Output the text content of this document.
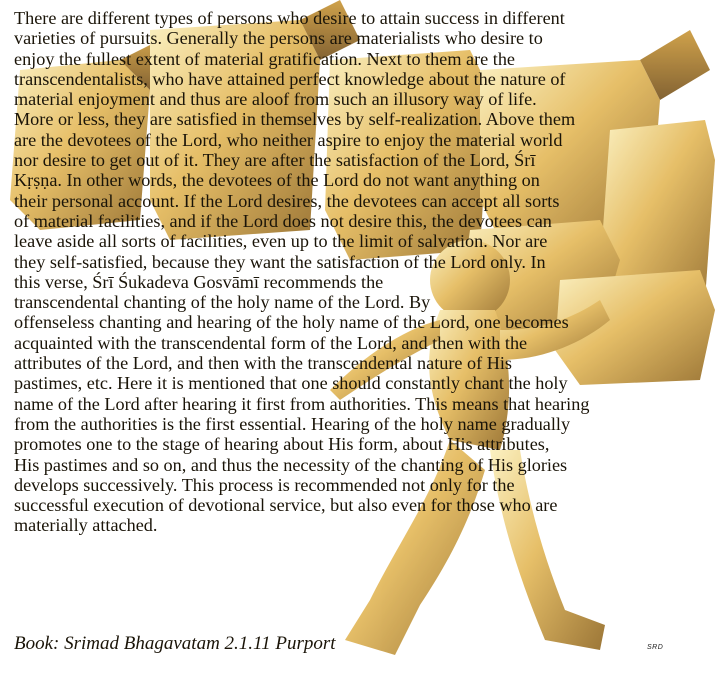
There are different types of persons who desire to attain success in different
varieties of pursuits. Generally the persons are materialists who desire to
enjoy the fullest extent of material gratification. Next to them are the
transcendentalists, who have attained perfect knowledge about the nature of
material enjoyment and thus are aloof from such an illusory way of life.
More or less, they are satisfied in themselves by self-realization. Above them
are the devotees of the Lord, who neither aspire to enjoy the material world
nor desire to get out of it. They are after the satisfaction of the Lord, Śrī
Kṛṣṇa. In other words, the devotees of the Lord do not want anything on
their personal account. If the Lord desires, the devotees can accept all sorts
of material facilities, and if the Lord does not desire this, the devotees can
leave aside all sorts of facilities, even up to the limit of salvation. Nor are
they self-satisfied, because they want the satisfaction of the Lord only. In
this verse, Śrī Śukadeva Gosvāmī recommends the
transcendental chanting of the holy name of the Lord. By
offenseless chanting and hearing of the holy name of the Lord, one becomes
acquainted with the transcendental form of the Lord, and then with the
attributes of the Lord, and then with the transcendental nature of His
pastimes, etc. Here it is mentioned that one should constantly chant the holy
name of the Lord after hearing it first from authorities. This means that hearing
from the authorities is the first essential. Hearing of the holy name gradually
promotes one to the stage of hearing about His form, about His attributes,
His pastimes and so on, and thus the necessity of the chanting of His glories
develops successively. This process is recommended not only for the
successful execution of devotional service, but also even for those who are
materially attached.

Book: Srimad Bhagavatam 2.1.11 Purport	SRD
